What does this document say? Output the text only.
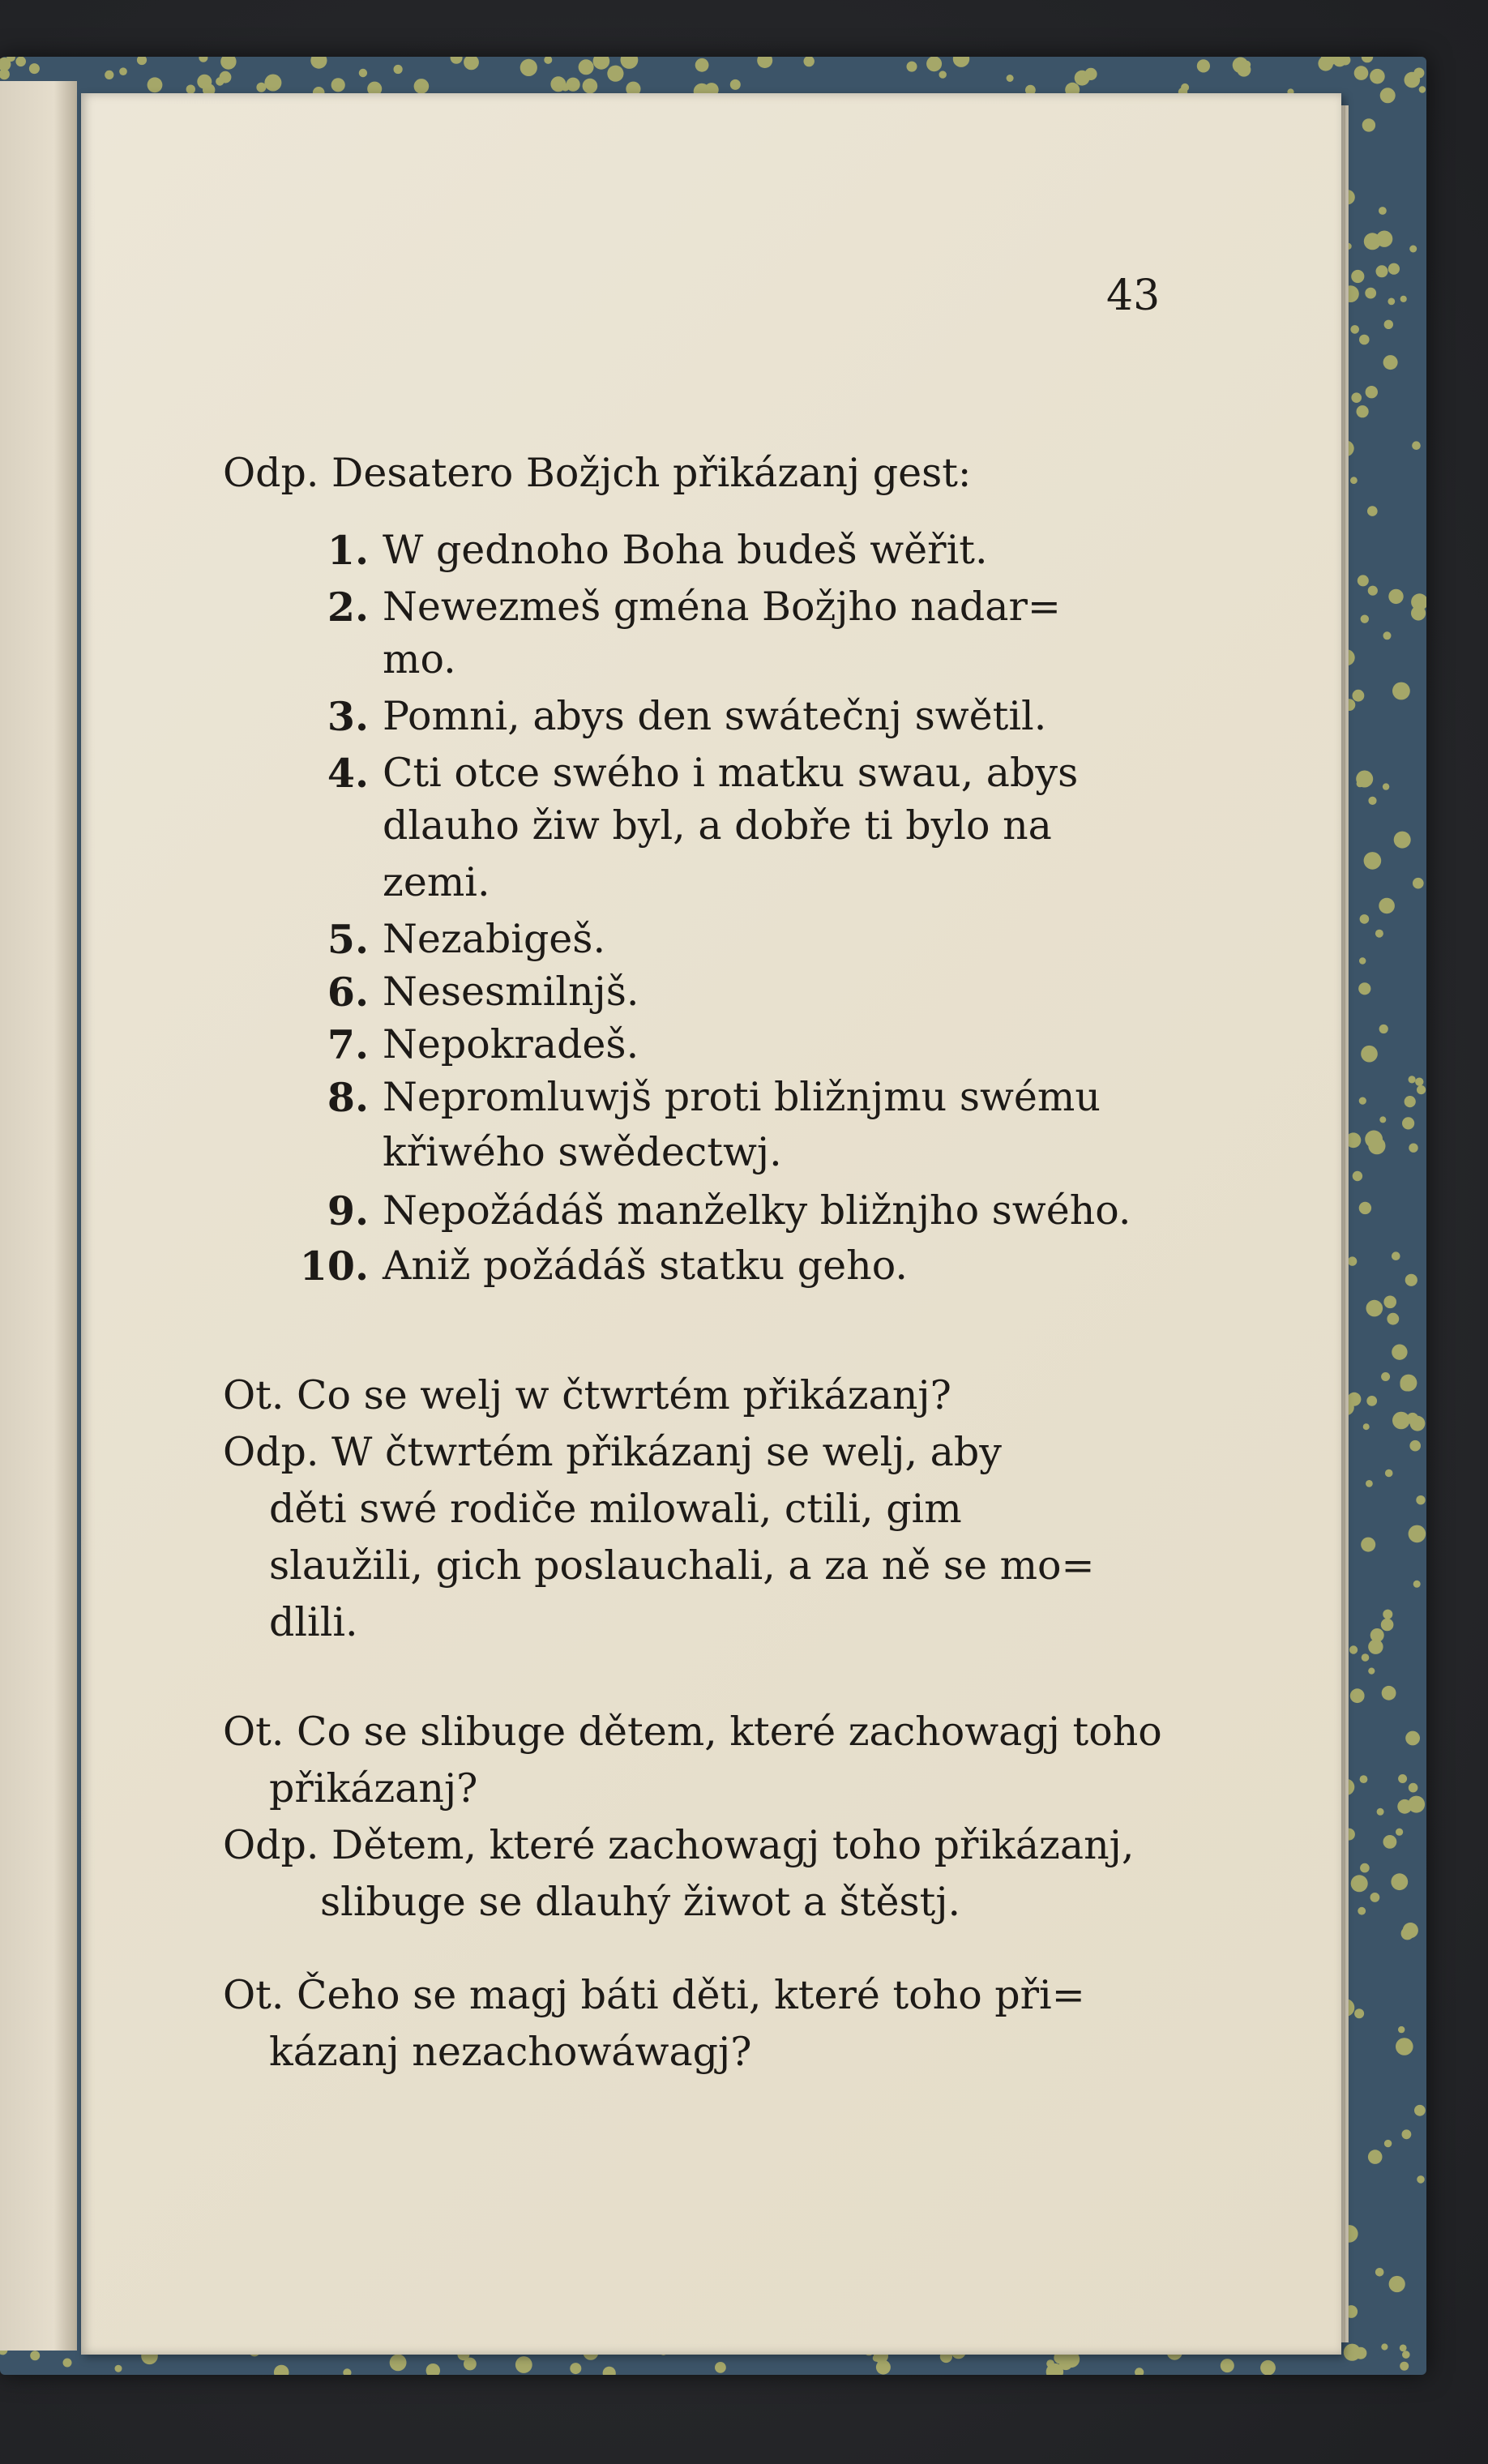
43
Odp. Desatero Božjch přikázanj gest:
1. W gednoho Boha budeš wěřit.
2. Newezmeš gména Božjho nadar=
mo.
3. Pomni, abys den swátečnj swětil.
4. Cti otce swého i matku swau, abys
dlauho žiw byl, a dobře ti bylo na
zemi.
5. Nezabigeš.
6. Nesesmilnjš.
7. Nepokradeš.
8. Nepromluwjš proti bližnjmu swému
křiwého swědectwj.
9. Nepožádáš manželky bližnjho swého.
10. Aniž požádáš statku geho.
Ot. Co se welj w čtwrtém přikázanj?
Odp. W čtwrtém přikázanj se welj, aby
děti swé rodiče milowali, ctili, gim
slaužili, gich poslauchali, a za ně se mo=
dlili.
Ot. Co se slibuge dětem, které zachowagj toho
přikázanj?
Odp. Dětem, které zachowagj toho přikázanj,
slibuge se dlauhý žiwot a štěstj.
Ot. Čeho se magj báti děti, které toho při=
kázanj nezachowáwagj?
